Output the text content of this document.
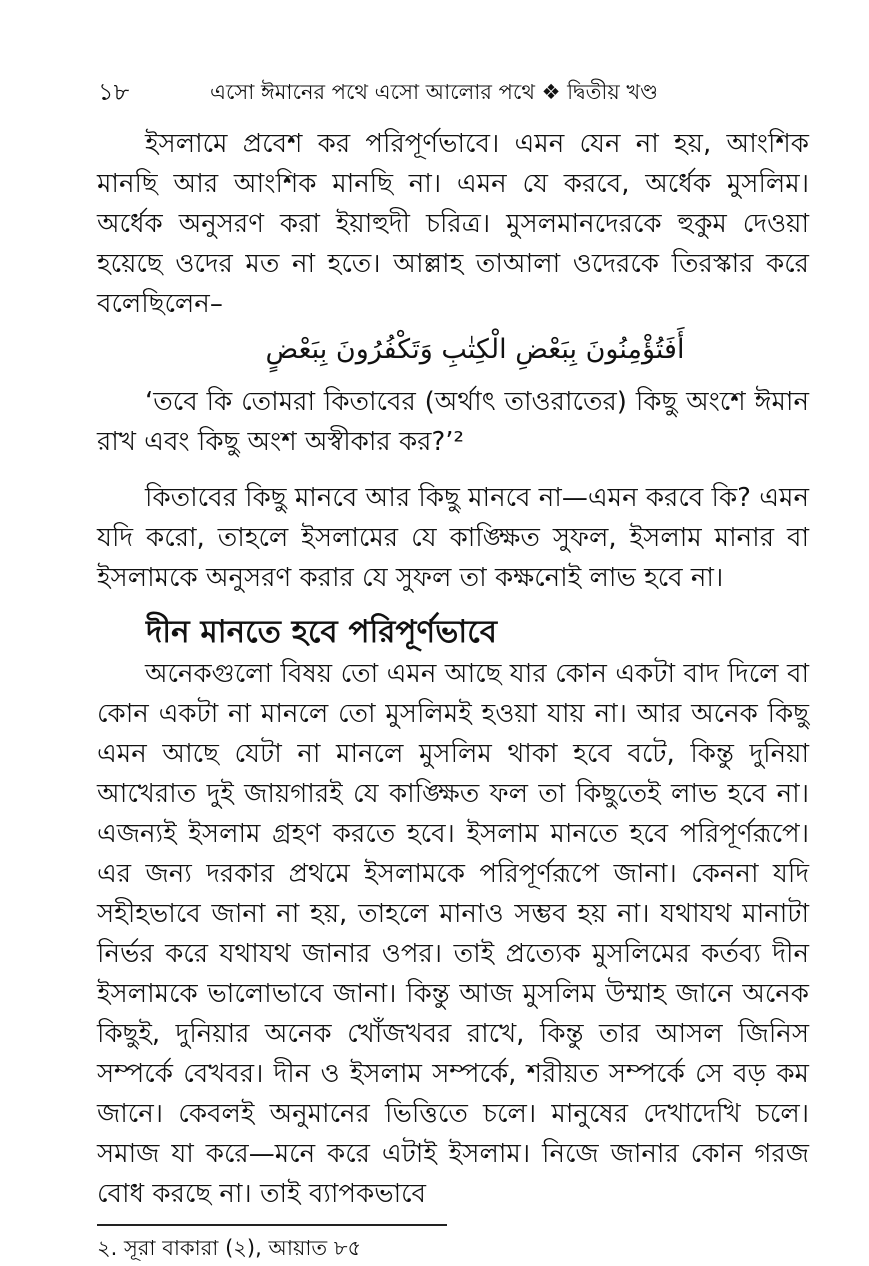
১৮	এসো ঈমানের পথে এসো আলোর পথে ❖ দ্বিতীয় খণ্ড

ইসলামে প্রবেশ কর পরিপূর্ণভাবে। এমন যেন না হয়, আংশিক মানছি আর আংশিক মানছি না। এমন যে করবে, অর্ধেক মুসলিম। অর্ধেক অনুসরণ করা ইয়াহুদী চরিত্র। মুসলমানদেরকে হুকুম দেওয়া হয়েছে ওদের মত না হতে। আল্লাহ তাআলা ওদেরকে তিরস্কার করে বলেছিলেন–

أَفَتُؤْمِنُونَ بِبَعْضِ الْكِتٰبِ وَتَكْفُرُونَ بِبَعْضٍ

‘তবে কি তোমরা কিতাবের (অর্থাৎ তাওরাতের) কিছু অংশে ঈমান রাখ এবং কিছু অংশ অস্বীকার কর?’²

কিতাবের কিছু মানবে আর কিছু মানবে না—এমন করবে কি? এমন যদি করো, তাহলে ইসলামের যে কাঙ্ক্ষিত সুফল, ইসলাম মানার বা ইসলামকে অনুসরণ করার যে সুফল তা কক্ষনোই লাভ হবে না।

দীন মানতে হবে পরিপূর্ণভাবে

অনেকগুলো বিষয় তো এমন আছে যার কোন একটা বাদ দিলে বা কোন একটা না মানলে তো মুসলিমই হওয়া যায় না। আর অনেক কিছু এমন আছে যেটা না মানলে মুসলিম থাকা হবে বটে, কিন্তু দুনিয়া আখেরাত দুই জায়গারই যে কাঙ্ক্ষিত ফল তা কিছুতেই লাভ হবে না। এজন্যই ইসলাম গ্রহণ করতে হবে। ইসলাম মানতে হবে পরিপূর্ণরূপে। এর জন্য দরকার প্রথমে ইসলামকে পরিপূর্ণরূপে জানা। কেননা যদি সহীহভাবে জানা না হয়, তাহলে মানাও সম্ভব হয় না। যথাযথ মানাটা নির্ভর করে যথাযথ জানার ওপর। তাই প্রত্যেক মুসলিমের কর্তব্য দীন ইসলামকে ভালোভাবে জানা। কিন্তু আজ মুসলিম উম্মাহ জানে অনেক কিছুই, দুনিয়ার অনেক খোঁজখবর রাখে, কিন্তু তার আসল জিনিস সম্পর্কে বেখবর। দীন ও ইসলাম সম্পর্কে, শরীয়ত সম্পর্কে সে বড় কম জানে। কেবলই অনুমানের ভিত্তিতে চলে। মানুষের দেখাদেখি চলে। সমাজ যা করে—মনে করে এটাই ইসলাম। নিজে জানার কোন গরজ বোধ করছে না। তাই ব্যাপকভাবে

২. সূরা বাকারা (২), আয়াত ৮৫
